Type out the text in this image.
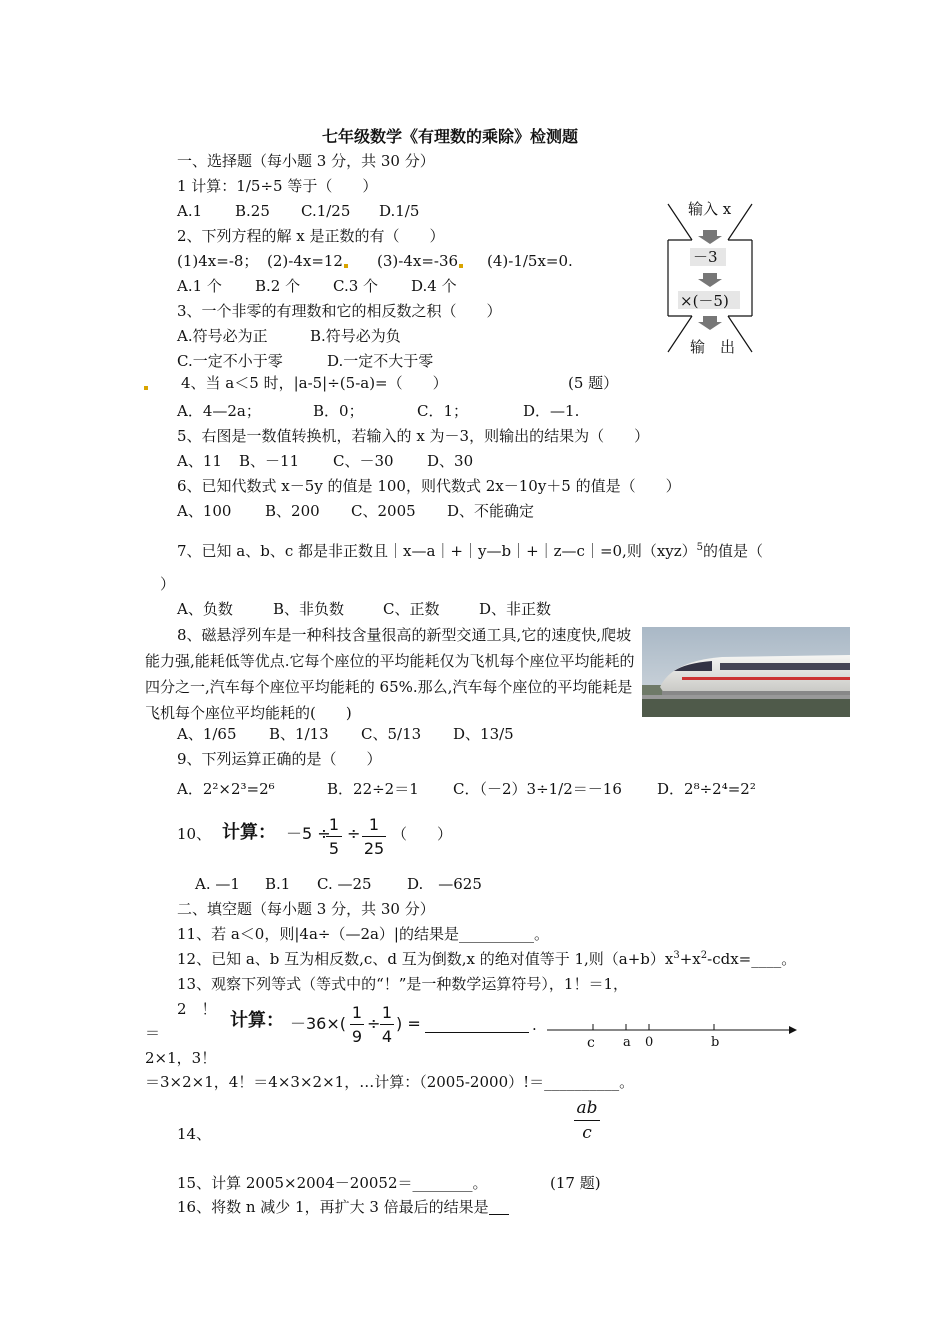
七年级数学《有理数的乘除》检测题
一、选择题（每小题 3 分，共 30 分）
1 计算：1/5÷5 等于（　　）
A.1 B.25 C.1/25 D.1/5
2、下列方程的解 x 是正数的有（　　）
(1)4x=-8； (2)-4x=12 (3)-4x=-36 (4)-1/5x=0.
A.1 个 B.2 个 C.3 个 D.4 个
3、一个非零的有理数和它的相反数之积（　　）
A.符号必为正	B.符号必为负
C.一定不小于零	D.一定不大于零
4、当 a＜5 时，|a-5|÷(5-a)=（　　）	(5 题）
A．4—2a；	B．0；	C．1；	D．—1.
输入 x
－3
×(－5)
输　出
5、右图是一数值转换机，若输入的 x 为－3，则输出的结果为（　　）
A、11 B、－11 C、－30 D、30
6、已知代数式 x－5y 的值是 100，则代数式 2x－10y＋5 的值是（　　）
A、100 B、200 C、2005 D、不能确定
7、已知 a、b、c 都是非正数且｜x—a｜+｜y—b｜+｜z—c｜=0,则（xyz）$^5$的值是（
）
A、负数	B、非负数	C、正数	D、非正数
8、磁悬浮列车是一种科技含量很高的新型交通工具,它的速度快,爬坡能力强,能耗低等优点.它每个座位的平均能耗仅为飞机每个座位平均能耗的四分之一,汽车每个座位平均能耗的 65%.那么,汽车每个座位的平均能耗是飞机每个座位平均能耗的(　　)
A、1/65 B、1/13 C、5/13 D、13/5
9、下列运算正确的是（　　）
A．2²×2³=2⁶	B．22÷2＝1 C．（－2）3÷1/2＝－16 D．2⁸÷2⁴=2²
10、 计算： －5 ÷
1
5
÷ 1
25
（　　）
A. —1 B.1 C. —25 D.　—625
二、填空题（每小题 3 分，共 30 分）
11、若 a＜0，则|4a÷（—2a）|的结果是__________。
12、已知 a、b 互为相反数,c、d 互为倒数,x 的绝对值等于 1,则$(a+b)x^3+x^2-cdx=\_\_\_\_$。
13、观察下列等式（等式中的“！”是一种数学运算符号），1！＝1，
2　！
计算： －36×(
1
9
÷
1
4
) =	.
c a 0	b
＝
2×1，3！
＝3×2×1，4！＝4×3×2×1，…计算：（2005-2000）!＝__________。
14、
ab
c
15、计算 2005×2004－20052＝________。	(17 题)
16、将数 n 减少 1，再扩大 3 倍最后的结果是
